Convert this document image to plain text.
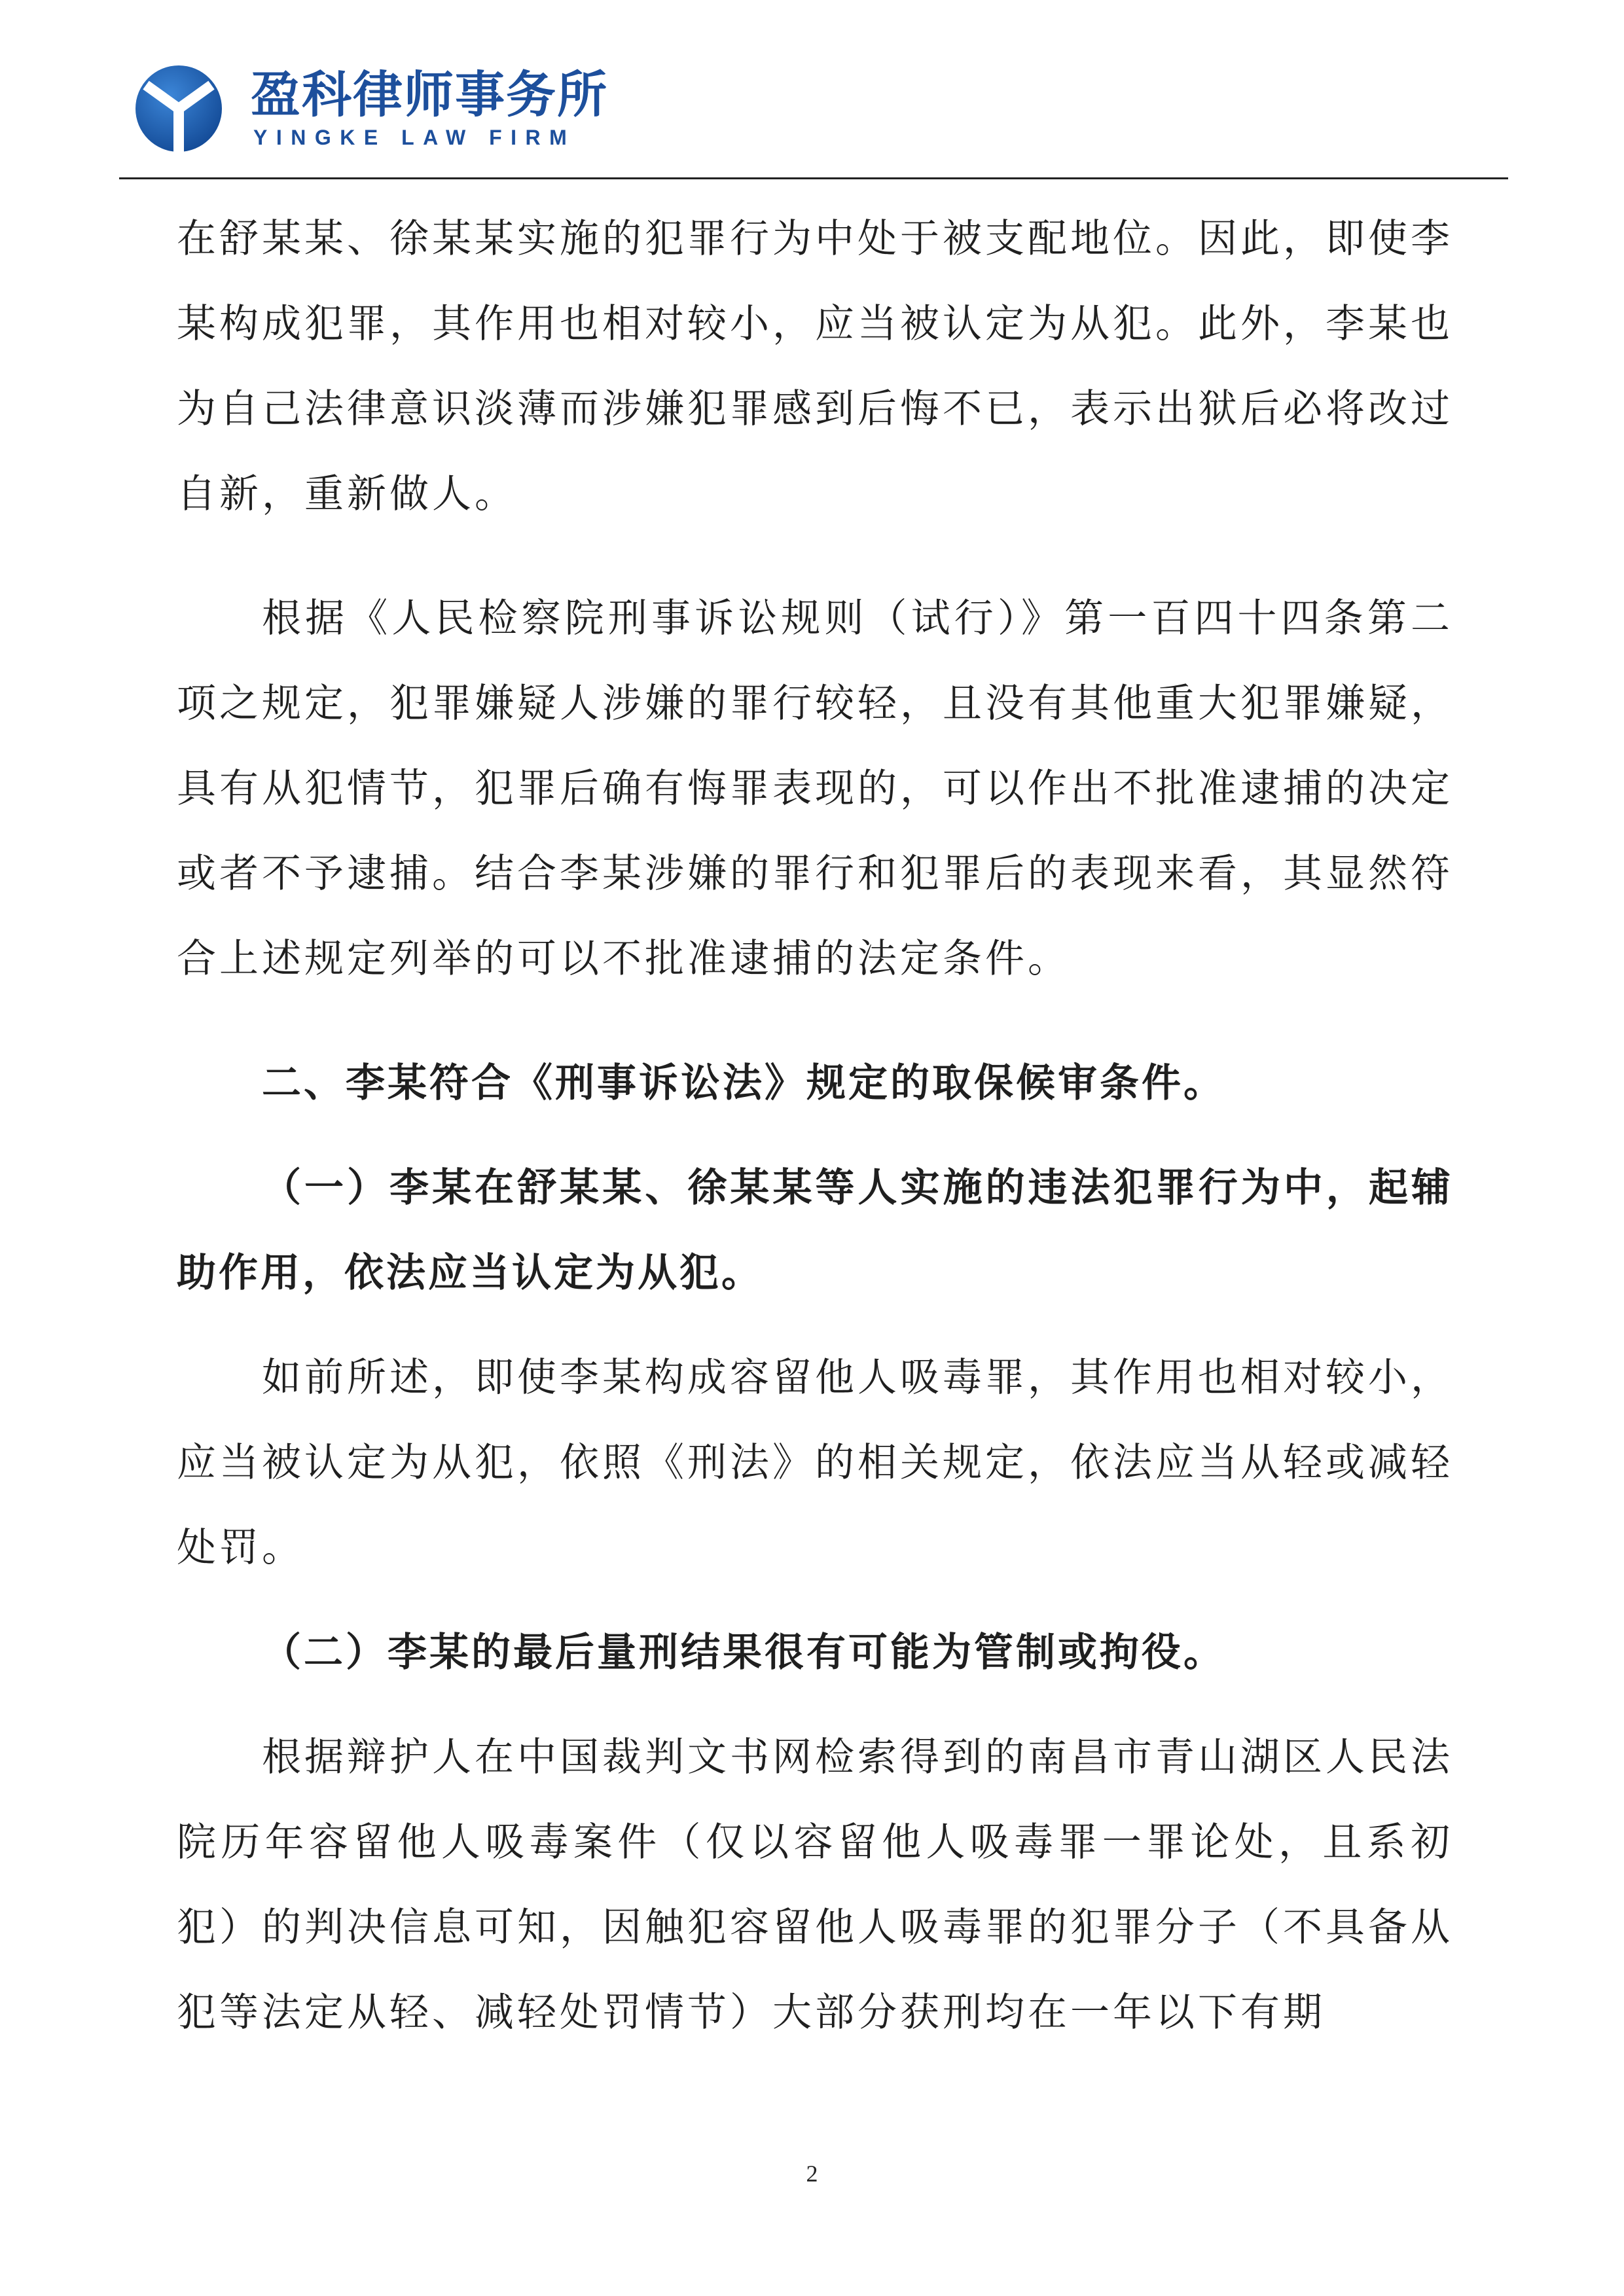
盈科律师事务所
YINGKE LAW FIRM

在舒某某、徐某某实施的犯罪行为中处于被支配地位。因此，即使李某构成犯罪，其作用也相对较小，应当被认定为从犯。此外，李某也为自己法律意识淡薄而涉嫌犯罪感到后悔不已，表示出狱后必将改过自新，重新做人。

根据《人民检察院刑事诉讼规则（试行）》第一百四十四条第二项之规定，犯罪嫌疑人涉嫌的罪行较轻，且没有其他重大犯罪嫌疑，具有从犯情节，犯罪后确有悔罪表现的，可以作出不批准逮捕的决定或者不予逮捕。结合李某涉嫌的罪行和犯罪后的表现来看，其显然符合上述规定列举的可以不批准逮捕的法定条件。

二、李某符合《刑事诉讼法》规定的取保候审条件。

（一）李某在舒某某、徐某某等人实施的违法犯罪行为中，起辅助作用，依法应当认定为从犯。

如前所述，即使李某构成容留他人吸毒罪，其作用也相对较小，应当被认定为从犯，依照《刑法》的相关规定，依法应当从轻或减轻处罚。

（二）李某的最后量刑结果很有可能为管制或拘役。

根据辩护人在中国裁判文书网检索得到的南昌市青山湖区人民法院历年容留他人吸毒案件（仅以容留他人吸毒罪一罪论处，且系初犯）的判决信息可知，因触犯容留他人吸毒罪的犯罪分子（不具备从犯等法定从轻、减轻处罚情节）大部分获刑均在一年以下有期

2
